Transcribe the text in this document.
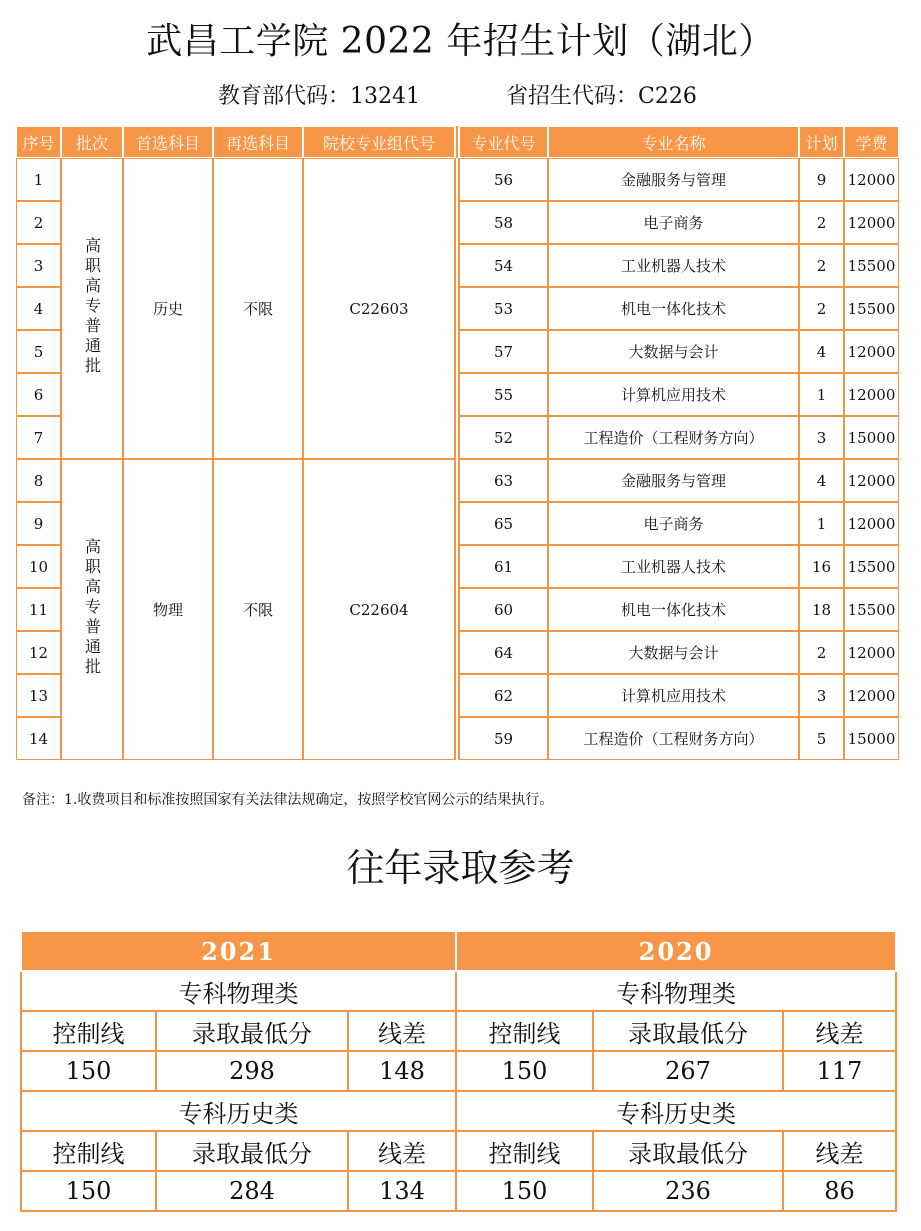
武昌工学院 2022 年招生计划（湖北）
教育部代码：13241	省招生代码：C226
序号	批次	首选科目	再选科目	院校专业组代号		专业代号	专业名称	计划	学费
1	高职高专普通批	历史	不限	C22603		56	金融服务与管理	9	12000
2						58	电子商务	2	12000
3						54	工业机器人技术	2	15500
4						53	机电一体化技术	2	15500
5						57	大数据与会计	4	12000
6						55	计算机应用技术	1	12000
7						52	工程造价（工程财务方向）	3	15000
8	高职高专普通批	物理	不限	C22604		63	金融服务与管理	4	12000
9						65	电子商务	1	12000
10						61	工业机器人技术	16	15500
11						60	机电一体化技术	18	15500
12						64	大数据与会计	2	12000
13						62	计算机应用技术	3	12000
14						59	工程造价（工程财务方向）	5	15000
备注：1.收费项目和标准按照国家有关法律法规确定，按照学校官网公示的结果执行。
往年录取参考
2021			2020		
专科物理类			专科物理类		
控制线	录取最低分	线差	控制线	录取最低分	线差
150	298	148	150	267	117
专科历史类			专科历史类		
控制线	录取最低分	线差	控制线	录取最低分	线差
150	284	134	150	236	86
